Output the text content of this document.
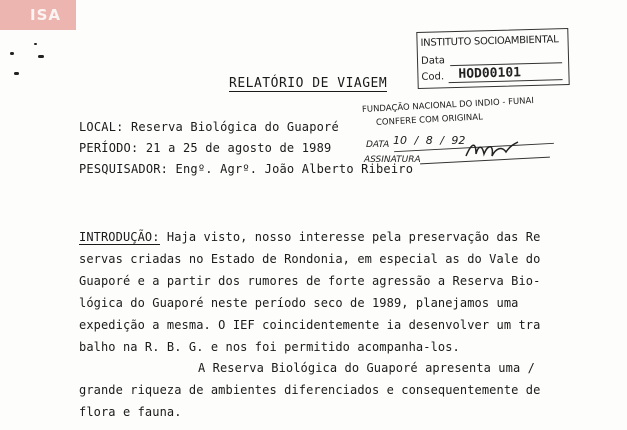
ISA
INSTITUTO SOCIOAMBIENTAL
Data
Cod. HOD00101
FUNDAÇÃO NACIONAL DO INDIO - FUNAI
CONFERE COM ORIGINAL
DATA 10 / 8 / 92
ASSINATURA
RELATÓRIO DE VIAGEM
LOCAL: Reserva Biológica do Guaporé
PERÍODO: 21 a 25 de agosto de 1989
PESQUISADOR: Engº. Agrº. João Alberto Ribeiro
INTRODUÇÃO: Haja visto, nosso interesse pela preservação das Re
servas criadas no Estado de Rondonia, em especial as do Vale do
Guaporé e a partir dos rumores de forte agressão a Reserva Bio-
lógica do Guaporé neste período seco de 1989, planejamos uma
expedição a mesma. O IEF coincidentemente ia desenvolver um tra
balho na R. B. G. e nos foi permitido acompanha-los.
A Reserva Biológica do Guaporé apresenta uma /
grande riqueza de ambientes diferenciados e consequentemente de
flora e fauna.
